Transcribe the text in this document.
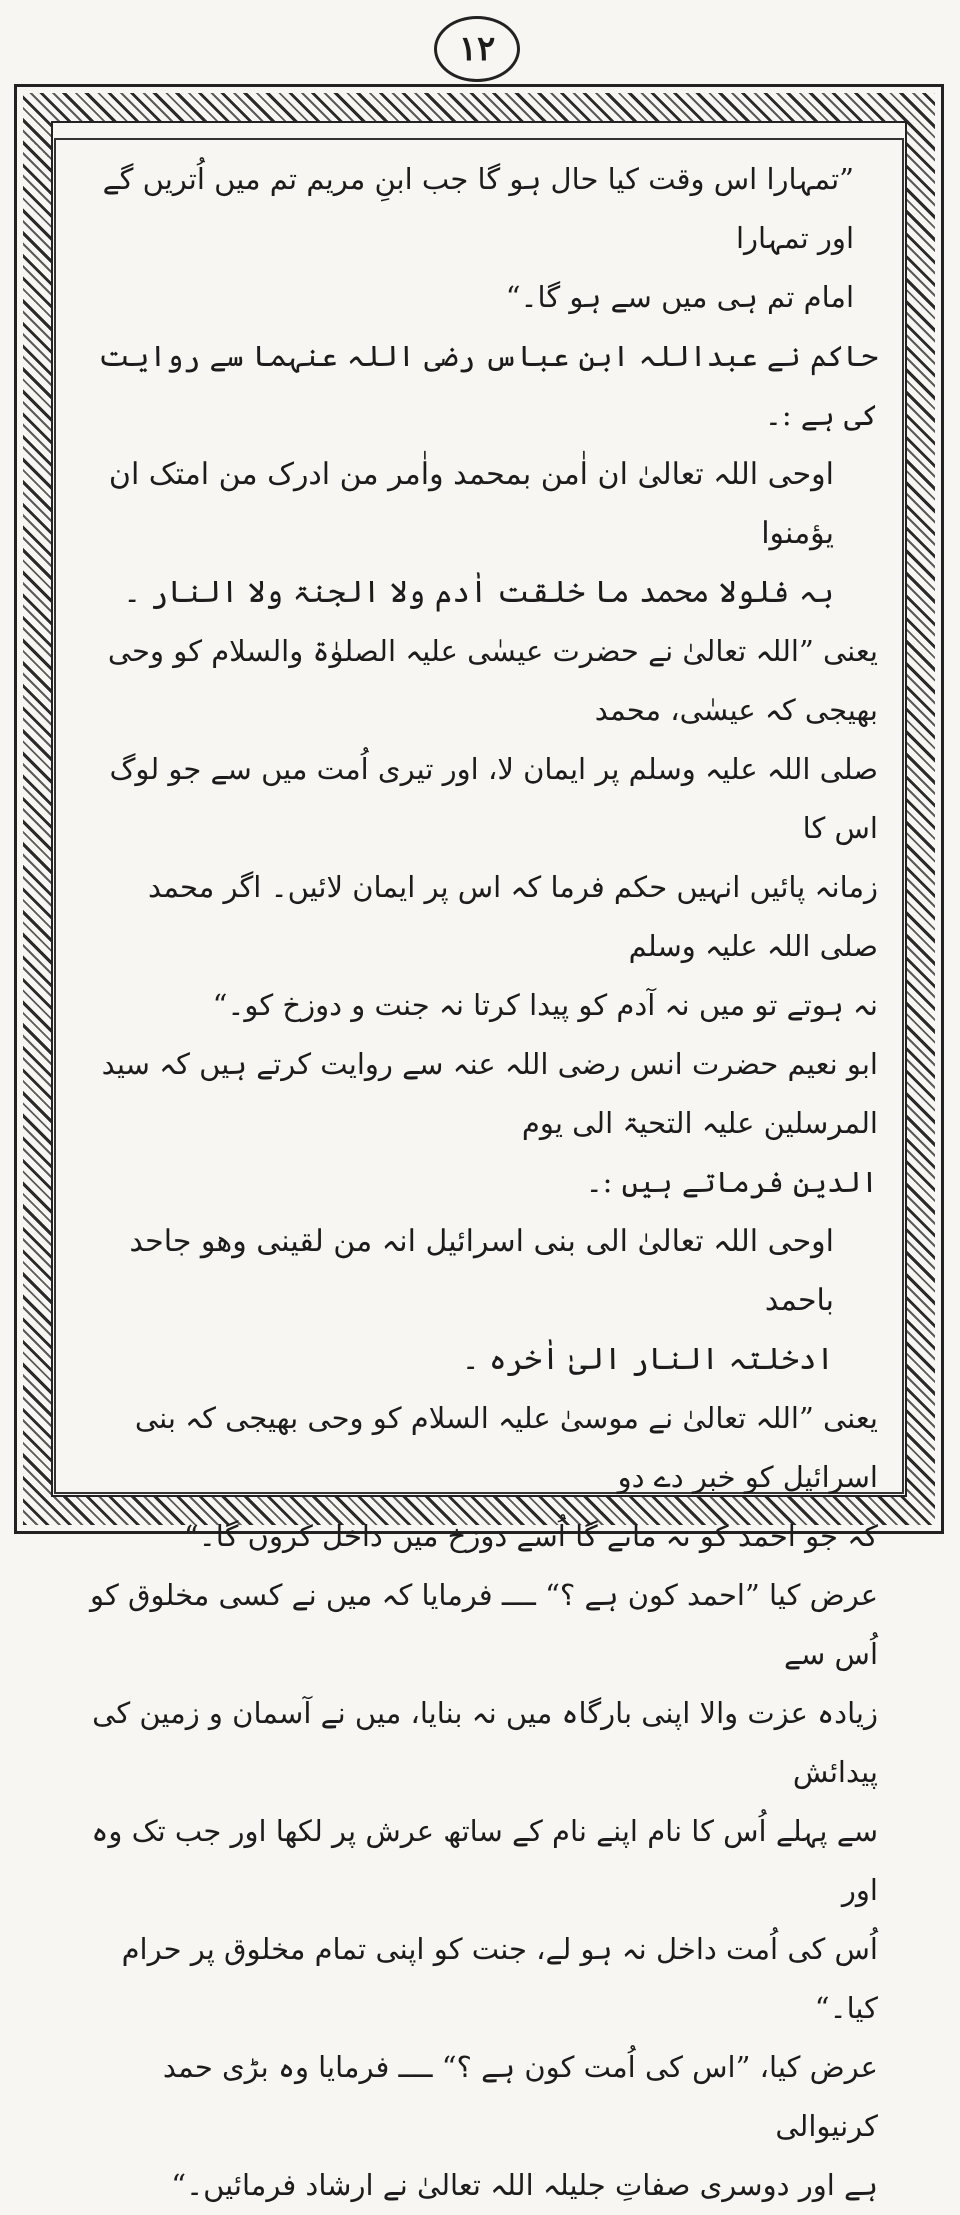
۱۲

”تمہارا اس وقت کیا حال ہو گا جب ابنِ مریم تم میں اُتریں گے اور تمہارا

امام تم ہی میں سے ہو گا۔“

حاکم نے عبداللہ ابن عباس رضی اللہ عنہما سے روایت کی ہے :۔

اوحی اللہ تعالیٰ ان اٰمن بمحمد واٰمر من ادرک من امتک ان یؤمنوا

بہ فلولا محمد ما خلقت اٰدم ولا الجنۃ ولا النار ۔

یعنی ”اللہ تعالیٰ نے حضرت عیسٰی علیہ الصلوٰۃ والسلام کو وحی بھیجی کہ عیسٰی، محمد

صلی اللہ علیہ وسلم پر ایمان لا، اور تیری اُمت میں سے جو لوگ اس کا

زمانہ پائیں انہیں حکم فرما کہ اس پر ایمان لائیں۔ اگر محمد صلی اللہ علیہ وسلم

نہ ہوتے تو میں نہ آدم کو پیدا کرتا نہ جنت و دوزخ کو۔“

ابو نعیم حضرت انس رضی اللہ عنہ سے روایت کرتے ہیں کہ سید المرسلین علیہ التحیۃ الی یوم

الدین فرماتے ہیں :۔

اوحی اللہ تعالیٰ الی بنی اسرائیل انہ من لقینی وھو جاحد باحمد

ادخلتہ النار الیٰ اٰخرہ ۔

یعنی ”اللہ تعالیٰ نے موسیٰ علیہ السلام کو وحی بھیجی کہ بنی اسرائیل کو خبر دے دو

کہ جو احمد کو نہ مانے گا اُسے دوزخ میں داخل کروں گا۔“

عرض کیا ”احمد کون ہے ؟“ ــــ فرمایا کہ میں نے کسی مخلوق کو اُس سے

زیادہ عزت والا اپنی بارگاہ میں نہ بنایا، میں نے آسمان و زمین کی پیدائش

سے پہلے اُس کا نام اپنے نام کے ساتھ عرش پر لکھا اور جب تک وہ اور

اُس کی اُمت داخل نہ ہو لے، جنت کو اپنی تمام مخلوق پر حرام کیا۔“

عرض کیا، ”اس کی اُمت کون ہے ؟“ ــــ فرمایا وہ بڑی حمد کرنیوالی

ہے اور دوسری صفاتِ جلیلہ اللہ تعالیٰ نے ارشاد فرمائیں۔“
